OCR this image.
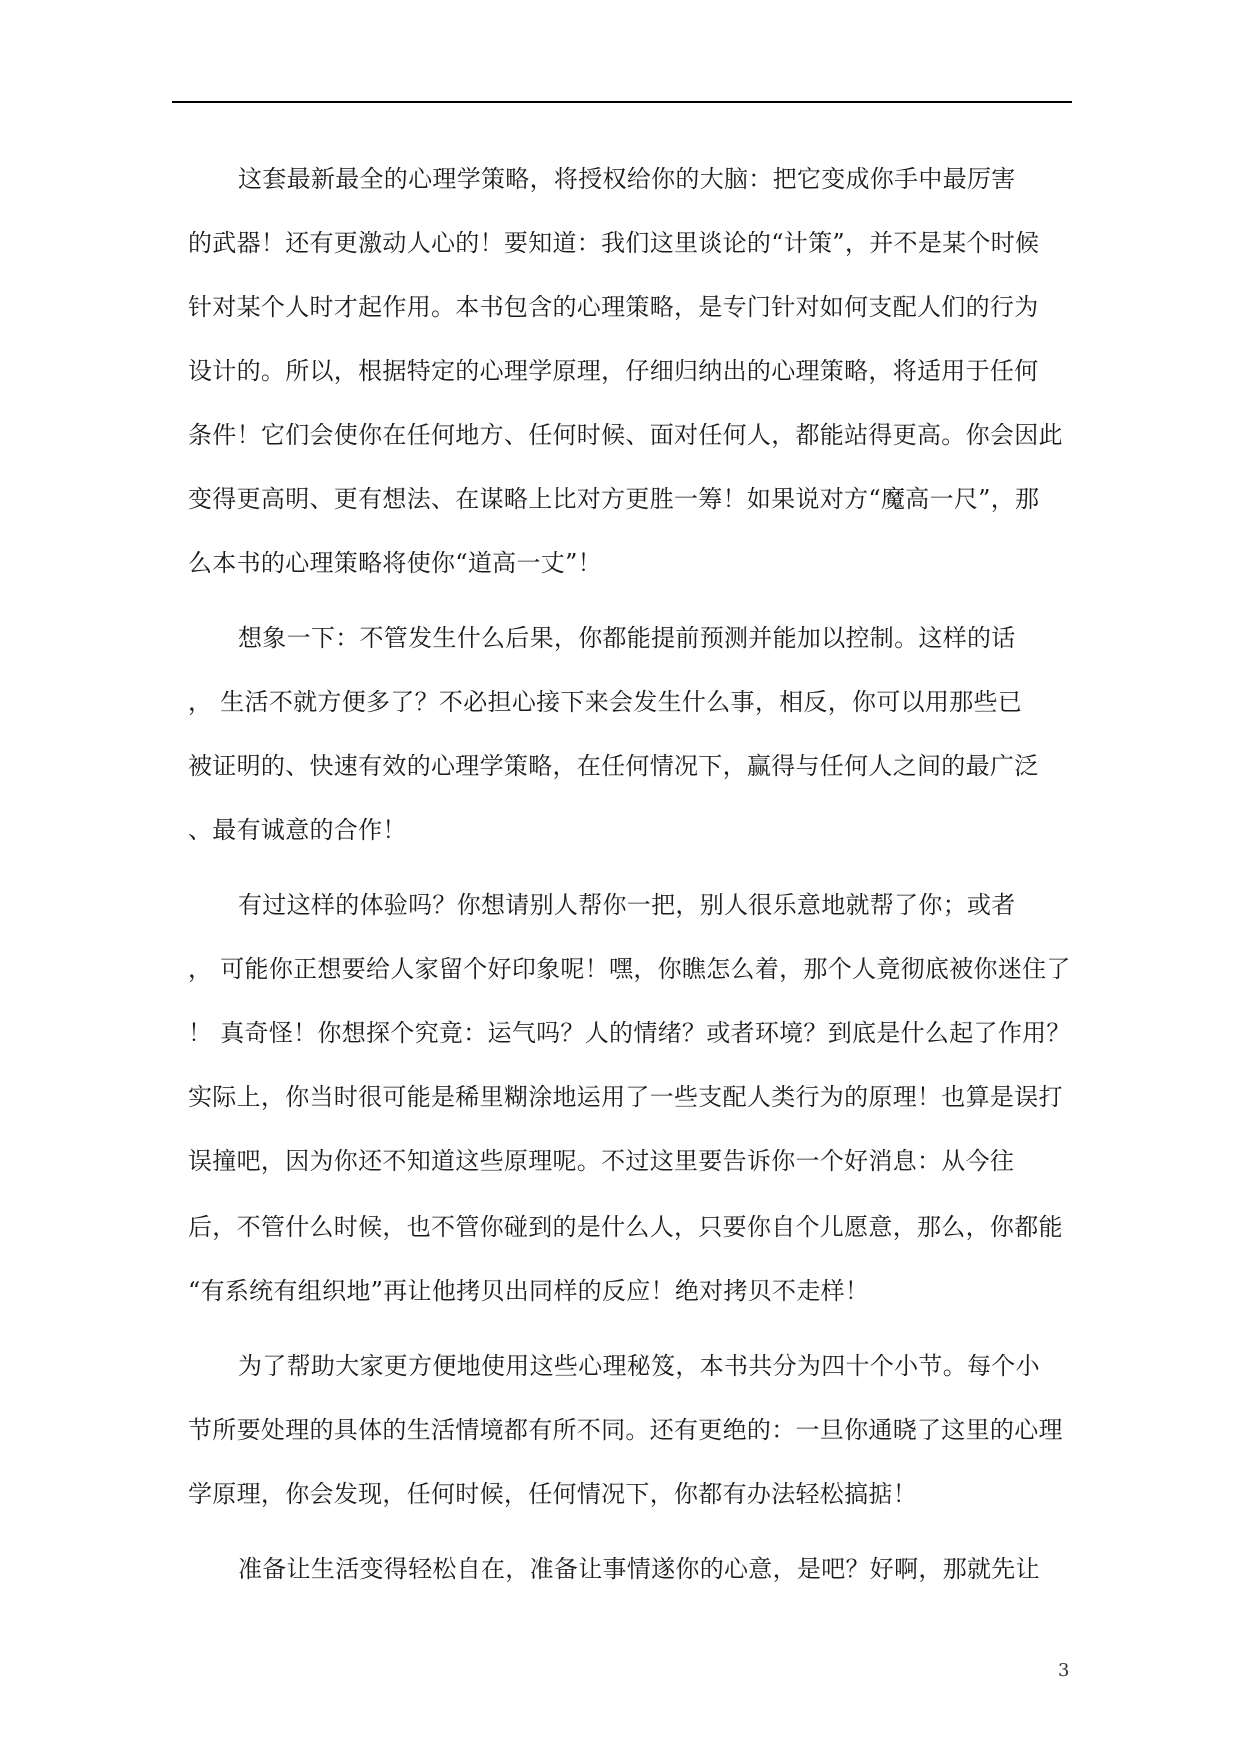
这套最新最全的心理学策略，将授权给你的大脑：把它变成你手中最厉害
的武器！还有更激动人心的！要知道：我们这里谈论的“计策”，并不是某个时候
针对某个人时才起作用。本书包含的心理策略，是专门针对如何支配人们的行为
设计的。所以，根据特定的心理学原理，仔细归纳出的心理策略，将适用于任何
条件！它们会使你在任何地方、任何时候、面对任何人，都能站得更高。你会因此
变得更高明、更有想法、在谋略上比对方更胜一筹！如果说对方“魔高一尺”，那
么本书的心理策略将使你“道高一丈”！
想象一下：不管发生什么后果，你都能提前预测并能加以控制。这样的话
， 生活不就方便多了？不必担心接下来会发生什么事，相反，你可以用那些已
被证明的、快速有效的心理学策略，在任何情况下，赢得与任何人之间的最广泛
、最有诚意的合作！
有过这样的体验吗？你想请别人帮你一把，别人很乐意地就帮了你；或者
， 可能你正想要给人家留个好印象呢！嘿，你瞧怎么着，那个人竟彻底被你迷住了
！ 真奇怪！你想探个究竟：运气吗？人的情绪？或者环境？到底是什么起了作用？
实际上，你当时很可能是稀里糊涂地运用了一些支配人类行为的原理！也算是误打
误撞吧，因为你还不知道这些原理呢。不过这里要告诉你一个好消息：从今往
后，不管什么时候，也不管你碰到的是什么人，只要你自个儿愿意，那么，你都能
“有系统有组织地”再让他拷贝出同样的反应！绝对拷贝不走样！
为了帮助大家更方便地使用这些心理秘笈，本书共分为四十个小节。每个小
节所要处理的具体的生活情境都有所不同。还有更绝的：一旦你通晓了这里的心理
学原理，你会发现，任何时候，任何情况下，你都有办法轻松搞掂！
准备让生活变得轻松自在，准备让事情遂你的心意，是吧？好啊，那就先让
3
